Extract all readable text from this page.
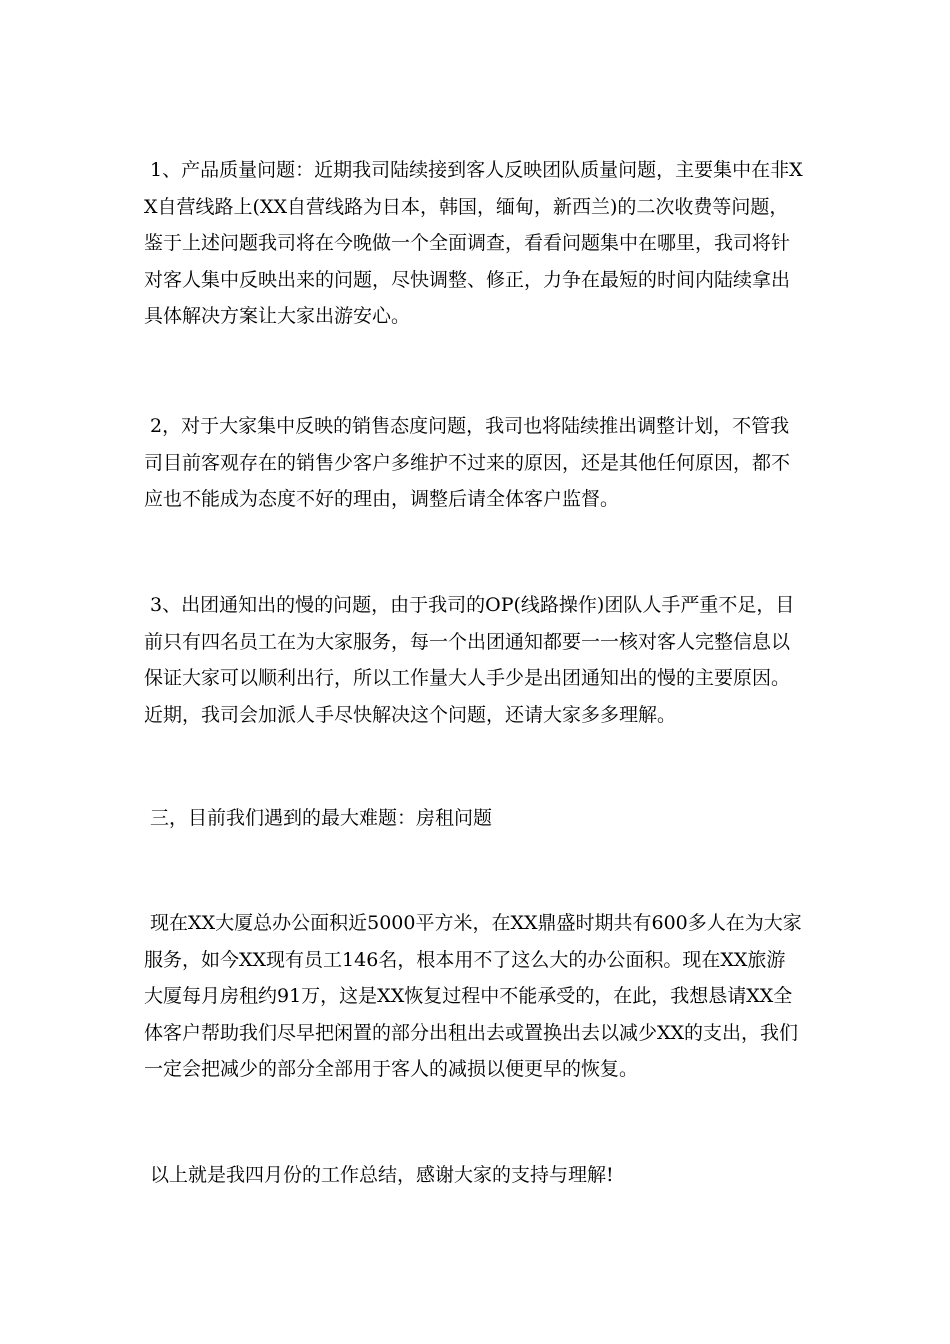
1、产品质量问题：近期我司陆续接到客人反映团队质量问题，主要集中在非XX自营线路上(XX自营线路为日本，韩国，缅甸，新西兰)的二次收费等问题，鉴于上述问题我司将在今晚做一个全面调查，看看问题集中在哪里，我司将针对客人集中反映出来的问题，尽快调整、修正，力争在最短的时间内陆续拿出具体解决方案让大家出游安心。

2，对于大家集中反映的销售态度问题，我司也将陆续推出调整计划，不管我司目前客观存在的销售少客户多维护不过来的原因，还是其他任何原因，都不应也不能成为态度不好的理由，调整后请全体客户监督。

3、出团通知出的慢的问题，由于我司的OP(线路操作)团队人手严重不足，目前只有四名员工在为大家服务，每一个出团通知都要一一核对客人完整信息以保证大家可以顺利出行，所以工作量大人手少是出团通知出的慢的主要原因。近期，我司会加派人手尽快解决这个问题，还请大家多多理解。

三，目前我们遇到的最大难题：房租问题

现在XX大厦总办公面积近5000平方米，在XX鼎盛时期共有600多人在为大家服务，如今XX现有员工146名，根本用不了这么大的办公面积。现在XX旅游大厦每月房租约91万，这是XX恢复过程中不能承受的，在此，我想恳请XX全体客户帮助我们尽早把闲置的部分出租出去或置换出去以减少XX的支出，我们一定会把减少的部分全部用于客人的减损以便更早的恢复。

以上就是我四月份的工作总结，感谢大家的支持与理解!
